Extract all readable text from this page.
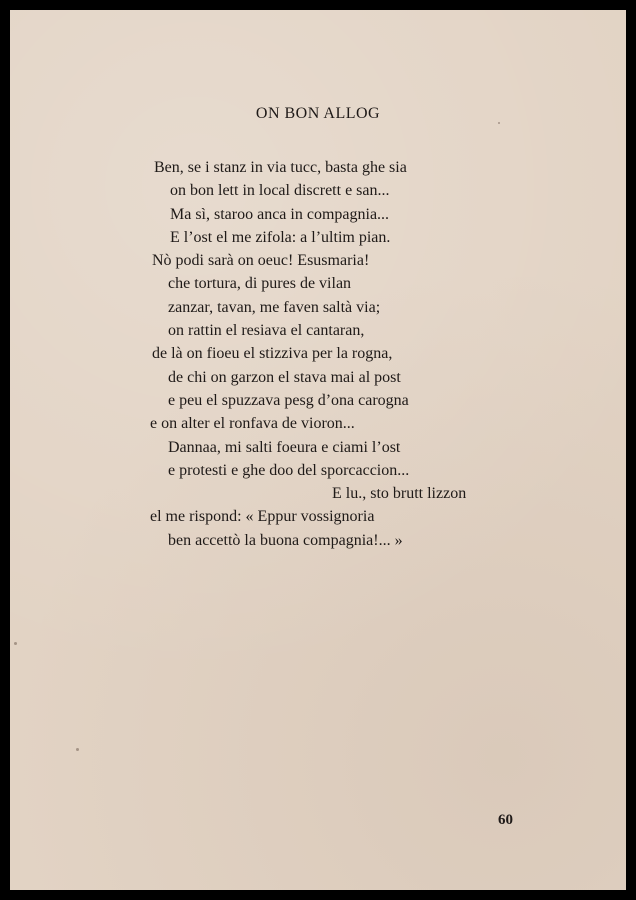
ON BON ALLOG
Ben, se i stanz in via tucc, basta ghe sia
on bon lett in local discrett e san...
Ma sì, staroo anca in compagnia...
E l’ost el me zifola: a l’ultim pian.
Nò podi sarà on oeuc! Esusmaria!
che tortura, di pures de vilan
zanzar, tavan, me faven saltà via;
on rattin el resiava el cantaran,
de là on fioeu el stizziva per la rogna,
de chi on garzon el stava mai al post
e peu el spuzzava pesg d’ona carogna
e on alter el ronfava de vioron...
Dannaa, mi salti foeura e ciami l’ost
e protesti e ghe doo del sporcaccion...
E lu., sto brutt lizzon
el me rispond: « Eppur vossignoria
ben accettò la buona compagnia!... »
60
